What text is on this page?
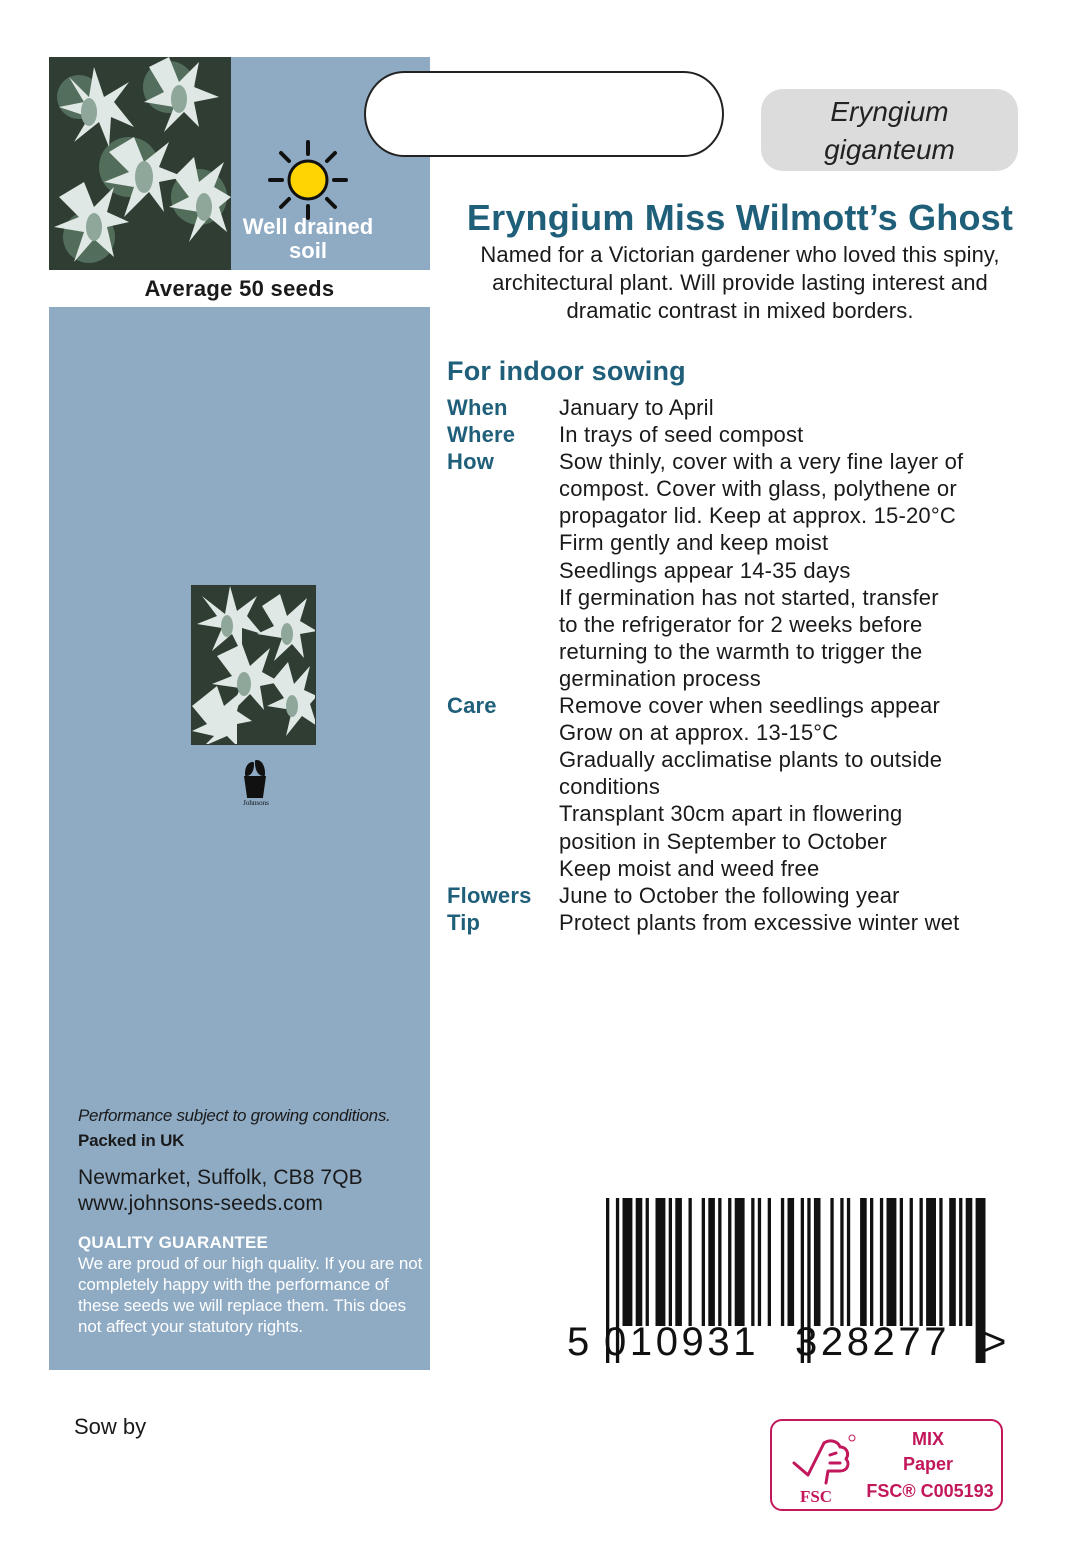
Well drained soil
Average 50 seeds
Johnsons
Performance subject to growing conditions.
Packed in UK
Newmarket, Suffolk, CB8 7QB
www.johnsons-seeds.com
QUALITY GUARANTEE
We are proud of our high quality. If you are not completely happy with the performance of these seeds we will replace them. This does not affect your statutory rights.
Sow by
Eryngium
giganteum
Eryngium Miss Wilmott’s Ghost
Named for a Victorian gardener who loved this spiny,
architectural plant. Will provide lasting interest and
dramatic contrast in mixed borders.
For indoor sowing
When	January to April
Where	In trays of seed compost
How	Sow thinly, cover with a very fine layer of
compost. Cover with glass, polythene or
propagator lid. Keep at approx. 15-20°C
Firm gently and keep moist
Seedlings appear 14-35 days
If germination has not started, transfer
to the refrigerator for 2 weeks before
returning to the warmth to trigger the
germination process
Care	Remove cover when seedlings appear
Grow on at approx. 13-15°C
Gradually acclimatise plants to outside
conditions
Transplant 30cm apart in flowering
position in September to October
Keep moist and weed free
Flowers	June to October the following year
Tip	Protect plants from excessive winter wet
5 010931 328277 >
FSC
MIX
Paper
FSC® C005193
